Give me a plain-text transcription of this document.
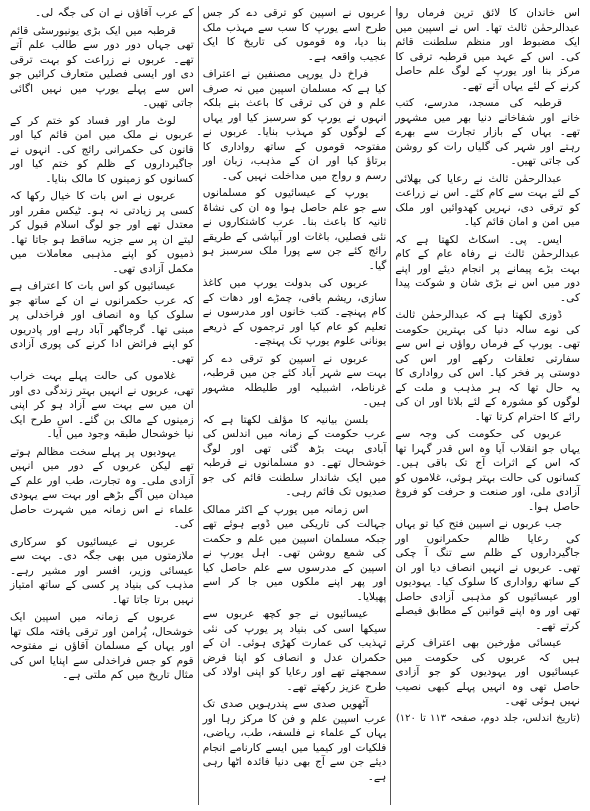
اس خاندان کا لائق ترین فرماں روا عبدالرحمٰن ثالث تھا۔ اس نے اسپین میں ایک مضبوط اور منظم سلطنت قائم کی۔ اس کے عہد میں قرطبہ ترقی کا مرکز بنا اور یورپ کے لوگ علم حاصل کرنے کے لئے یہاں آتے تھے۔

قرطبہ کی مسجد، مدرسے، کتب خانے اور شفاخانے دنیا بھر میں مشہور تھے۔ یہاں کے بازار تجارت سے بھرے رہتے اور شہر کی گلیاں رات کو روشن کی جاتی تھیں۔

عبدالرحمٰن ثالث نے رعایا کی بھلائی کے لئے بہت سے کام کئے۔ اس نے زراعت کو ترقی دی، نہریں کھدوائیں اور ملک میں امن و امان قائم کیا۔

ایس۔ پی۔ اسکاٹ لکھتا ہے کہ عبدالرحمٰن ثالث نے رفاہ عام کے کام بہت بڑے پیمانے پر انجام دیئے اور اپنے دور میں اس نے بڑی شان و شوکت پیدا کی۔

ڈوزی لکھتا ہے کہ عبدالرحمٰن ثالث کی نوے سالہ دنیا کی بہترین حکومت تھی۔ یورپ کے فرماں رواؤں نے اس سے سفارتی تعلقات رکھے اور اس کی دوستی پر فخر کیا۔ اس کی رواداری کا یہ حال تھا کہ ہر مذہب و ملت کے لوگوں کو مشورہ کے لئے بلاتا اور ان کی رائے کا احترام کرتا تھا۔

عربوں کی حکومت کی وجہ سے یہاں جو انقلاب آیا وہ اس قدر گہرا تھا کہ اس کے اثرات آج تک باقی ہیں۔ کسانوں کی حالت بہتر ہوئی، غلاموں کو آزادی ملی، اور صنعت و حرفت کو فروغ حاصل ہوا۔

جب عربوں نے اسپین فتح کیا تو یہاں کی رعایا ظالم حکمرانوں اور جاگیرداروں کے ظلم سے تنگ آ چکی تھی۔ عربوں نے انہیں انصاف دیا اور ان کے ساتھ رواداری کا سلوک کیا۔ یہودیوں اور عیسائیوں کو مذہبی آزادی حاصل تھی اور وہ اپنے قوانین کے مطابق فیصلے کرتے تھے۔

عیسائی مؤرخین بھی اعتراف کرتے ہیں کہ عربوں کی حکومت میں عیسائیوں اور یہودیوں کو جو آزادی حاصل تھی وہ انہیں پہلے کبھی نصیب نہیں ہوئی تھی۔

(تاریخ اندلس، جلد دوم، صفحہ ۱۱۳ تا ۱۲۰)

عربوں نے اسپین کو ترقی دے کر جس طرح اسے یورپ کا سب سے مہذب ملک بنا دیا، وہ قوموں کی تاریخ کا ایک عجیب واقعہ ہے۔

فراخ دل یورپی مصنفین نے اعتراف کیا ہے کہ مسلمان اسپین میں نہ صرف علم و فن کی ترقی کا باعث بنے بلکہ انہوں نے یورپ کو سرسبز کیا اور یہاں کے لوگوں کو مہذب بنایا۔ عربوں نے مفتوحہ قوموں کے ساتھ رواداری کا برتاؤ کیا اور ان کے مذہب، زبان اور رسم و رواج میں مداخلت نہیں کی۔

یورپ کے عیسائیوں کو مسلمانوں سے جو علم حاصل ہوا وہ ان کی نشاۃ ثانیہ کا باعث بنا۔ عرب کاشتکاروں نے نئی فصلیں، باغات اور آبپاشی کے طریقے رائج کئے جن سے پورا ملک سرسبز ہو گیا۔

عربوں کی بدولت یورپ میں کاغذ سازی، ریشم بافی، چمڑے اور دھات کے کام پہنچے۔ کتب خانوں اور مدرسوں نے تعلیم کو عام کیا اور ترجموں کے ذریعے یونانی علوم یورپ تک پہنچے۔

عربوں نے اسپین کو ترقی دے کر بہت سے شہر آباد کئے جن میں قرطبہ، غرناطہ، اشبیلیہ اور طلیطلہ مشہور ہیں۔

بلسن بیانیہ کا مؤلف لکھتا ہے کہ عرب حکومت کے زمانہ میں اندلس کی آبادی بہت بڑھ گئی تھی اور لوگ خوشحال تھے۔ دو مسلمانوں نے قرطبہ میں ایک شاندار سلطنت قائم کی جو صدیوں تک قائم رہی۔

اس زمانہ میں یورپ کے اکثر ممالک جہالت کی تاریکی میں ڈوبے ہوئے تھے جبکہ مسلمان اسپین میں علم و حکمت کی شمع روشن تھی۔ اہل یورپ نے اسپین کے مدرسوں سے علم حاصل کیا اور پھر اپنے ملکوں میں جا کر اسے پھیلایا۔

عیسائیوں نے جو کچھ عربوں سے سیکھا اسی کی بنیاد پر یورپ کی نئی تہذیب کی عمارت کھڑی ہوئی۔ ان کے حکمران عدل و انصاف کو اپنا فرض سمجھتے تھے اور رعایا کو اپنی اولاد کی طرح عزیز رکھتے تھے۔

آٹھویں صدی سے پندرہویں صدی تک عرب اسپین علم و فن کا مرکز رہا اور یہاں کے علماء نے فلسفہ، طب، ریاضی، فلکیات اور کیمیا میں ایسے کارنامے انجام دیئے جن سے آج بھی دنیا فائدہ اٹھا رہی ہے۔

کے عرب آقاؤں نے ان کی جگہ لی۔

قرطبہ میں ایک بڑی یونیورسٹی قائم تھی جہاں دور دور سے طالب علم آتے تھے۔ عربوں نے زراعت کو بہت ترقی دی اور ایسی فصلیں متعارف کرائیں جو اس سے پہلے یورپ میں نہیں اگائی جاتی تھیں۔

لوٹ مار اور فساد کو ختم کر کے عربوں نے ملک میں امن قائم کیا اور قانون کی حکمرانی رائج کی۔ انہوں نے جاگیرداروں کے ظلم کو ختم کیا اور کسانوں کو زمینوں کا مالک بنایا۔

عربوں نے اس بات کا خیال رکھا کہ کسی پر زیادتی نہ ہو۔ ٹیکس مقرر اور معتدل تھے اور جو لوگ اسلام قبول کر لیتے ان پر سے جزیہ ساقط ہو جاتا تھا۔ ذمیوں کو اپنے مذہبی معاملات میں مکمل آزادی تھی۔

عیسائیوں کو اس بات کا اعتراف ہے کہ عرب حکمرانوں نے ان کے ساتھ جو سلوک کیا وہ انصاف اور فراخدلی پر مبنی تھا۔ گرجاگھر آباد رہے اور پادریوں کو اپنے فرائض ادا کرنے کی پوری آزادی تھی۔

غلاموں کی حالت پہلے بہت خراب تھی، عربوں نے انہیں بہتر زندگی دی اور ان میں سے بہت سے آزاد ہو کر اپنی زمینوں کے مالک بن گئے۔ اس طرح ایک نیا خوشحال طبقہ وجود میں آیا۔

یہودیوں پر پہلے سخت مظالم ہوتے تھے لیکن عربوں کے دور میں انہیں آزادی ملی۔ وہ تجارت، طب اور علم کے میدان میں آگے بڑھے اور بہت سے یہودی علماء نے اس زمانہ میں شہرت حاصل کی۔

عربوں نے عیسائیوں کو سرکاری ملازمتوں میں بھی جگہ دی۔ بہت سے عیسائی وزیر، افسر اور مشیر رہے۔ مذہب کی بنیاد پر کسی کے ساتھ امتیاز نہیں برتا جاتا تھا۔

عربوں کے زمانہ میں اسپین ایک خوشحال، پُرامن اور ترقی یافتہ ملک تھا اور یہاں کے مسلمان آقاؤں نے مفتوحہ قوم کو جس فراخدلی سے اپنایا اس کی مثال تاریخ میں کم ملتی ہے۔
